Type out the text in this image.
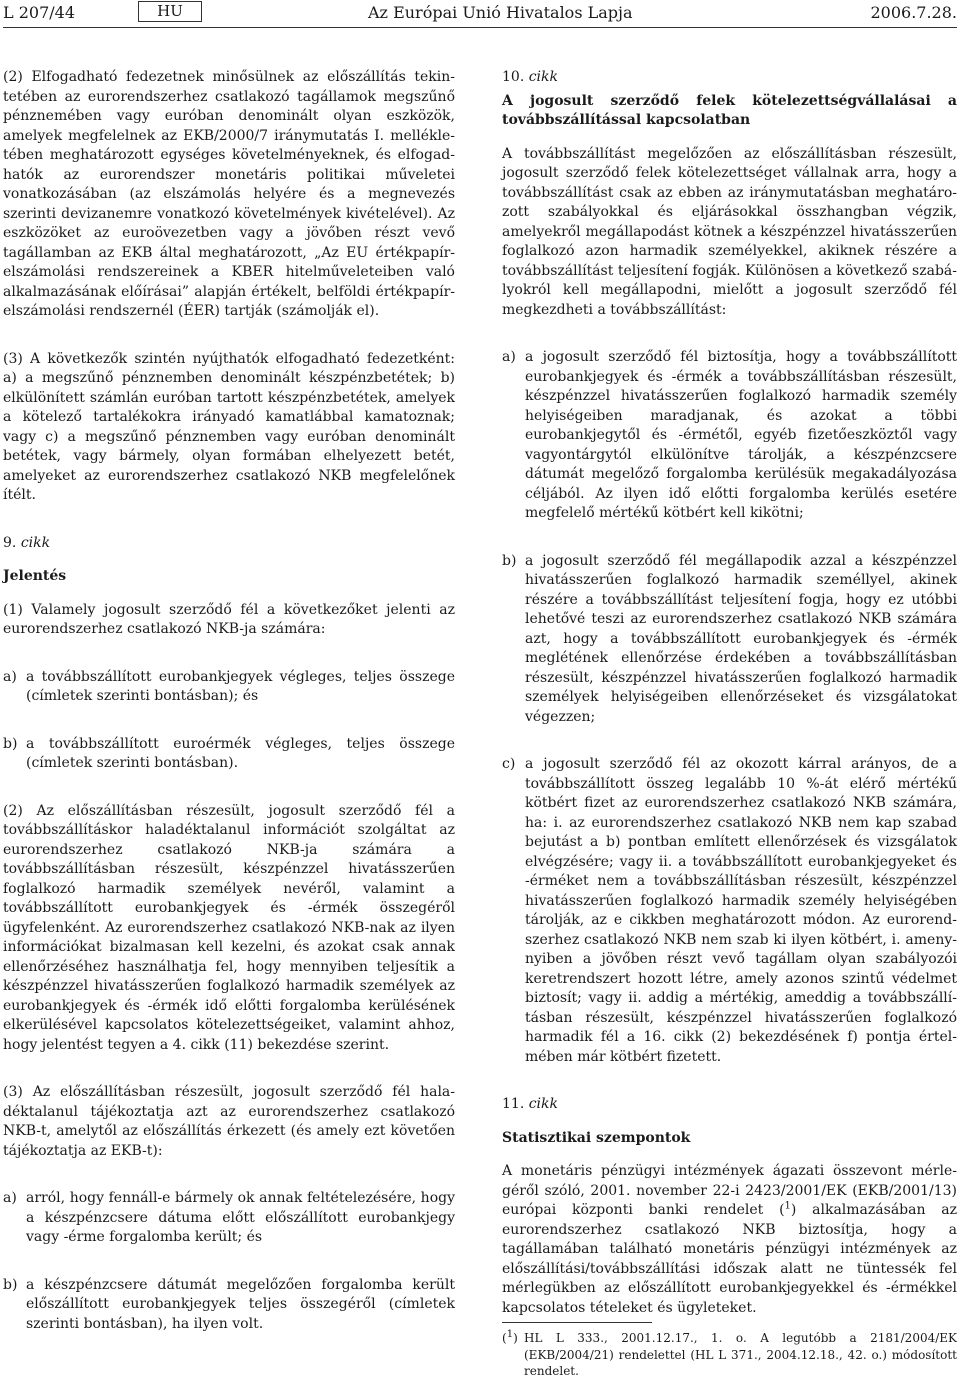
L 207/44	HU	Az Európai Unió Hivatalos Lapja	2006.7.28.

(2) Elfogadható fedezetnek minősülnek az előszállítás tekintetében az eurorendszerhez csatlakozó tagállamok megszűnő pénznemében vagy euróban denominált olyan eszközök, amelyek megfelelnek az EKB/2000/7 iránymutatás I. mellékletében meghatározott egységes követelményeknek, és elfogadhatók az eurorendszer monetáris politikai műveletei vonatkozásában (az elszámolás helyére és a megnevezés szerinti devizanemre vonatkozó követelmények kivételével). Az eszközöket az euroövezetben vagy a jövőben részt vevő tagállamban az EKB által meghatározott, „Az EU értékpapír-elszámolási rendszereinek a KBER hitelműveleteiben való alkalmazásának előírásai” alapján értékelt, belföldi értékpapír-elszámolási rendszernél (ÉER) tartják (számolják el).

(3) A következők szintén nyújthatók elfogadható fedezetként: a) a megszűnő pénznemben denominált készpénzbetétek; b) elkülönített számlán euróban tartott készpénzbetétek, amelyek a kötelező tartalékokra irányadó kamatlábbal kamatoznak; vagy c) a megszűnő pénznemben vagy euróban denominált betétek, vagy bármely, olyan formában elhelyezett betét, amelyeket az eurorendszerhez csatlakozó NKB megfelelőnek ítélt.

9. cikk

Jelentés

(1) Valamely jogosult szerződő fél a következőket jelenti az eurorendszerhez csatlakozó NKB-ja számára:

a) a továbbszállított eurobankjegyek végleges, teljes összege (címletek szerinti bontásban); és
b) a továbbszállított euroérmék végleges, teljes összege (címletek szerinti bontásban).

(2) Az előszállításban részesült, jogosult szerződő fél a továbbszállításkor haladéktalanul információt szolgáltat az eurorendszerhez csatlakozó NKB-ja számára a továbbszállításban részesült, készpénzzel hivatásszerűen foglalkozó harmadik személyek nevéről, valamint a továbbszállított eurobankjegyek és -érmék összegéről ügyfelenként. Az eurorendszerhez csatlakozó NKB-nak az ilyen információkat bizalmasan kell kezelni, és azokat csak annak ellenőrzéséhez használhatja fel, hogy mennyiben teljesítik a készpénzzel hivatásszerűen foglalkozó harmadik személyek az eurobankjegyek és -érmék idő előtti forgalomba kerülésének elkerülésével kapcsolatos kötelezettségeiket, valamint ahhoz, hogy jelentést tegyen a 4. cikk (11) bekezdése szerint.

(3) Az előszállításban részesült, jogosult szerződő fél haladéktalanul tájékoztatja azt az eurorendszerhez csatlakozó NKB-t, amelytől az előszállítás érkezett (és amely ezt követően tájékoztatja az EKB-t):

a) arról, hogy fennáll-e bármely ok annak feltételezésére, hogy a készpénzcsere dátuma előtt előszállított eurobankjegy vagy -érme forgalomba került; és
b) a készpénzcsere dátumát megelőzően forgalomba került előszállított eurobankjegyek teljes összegéről (címletek szerinti bontásban), ha ilyen volt.

10. cikk

A jogosult szerződő felek kötelezettségvállalásai a továbbszállítással kapcsolatban

A továbbszállítást megelőzően az előszállításban részesült, jogosult szerződő felek kötelezettséget vállalnak arra, hogy a továbbszállítást csak az ebben az iránymutatásban meghatározott szabályokkal és eljárásokkal összhangban végzik, amelyekről megállapodást kötnek a készpénzzel hivatásszerűen foglalkozó azon harmadik személyekkel, akiknek részére a továbbszállítást teljesítení fogják. Különösen a következő szabályokról kell megállapodni, mielőtt a jogosult szerződő fél megkezdheti a továbbszállítást:

a) a jogosult szerződő fél biztosítja, hogy a továbbszállított eurobankjegyek és -érmék a továbbszállításban részesült, készpénzzel hivatásszerűen foglalkozó harmadik személy helyiségeiben maradjanak, és azokat a többi eurobankjegytől és -érmétől, egyéb fizetőeszköztől vagy vagyontárgytól elkülönítve tárolják, a készpénzcsere dátumát megelőző forgalomba kerülésük megakadályozása céljából. Az ilyen idő előtti forgalomba kerülés esetére megfelelő mértékű kötbért kell kikötni;
b) a jogosult szerződő fél megállapodik azzal a készpénzzel hivatásszerűen foglalkozó harmadik személlyel, akinek részére a továbbszállítást teljesítení fogja, hogy ez utóbbi lehetővé teszi az eurorendszerhez csatlakozó NKB számára azt, hogy a továbbszállított eurobankjegyek és -érmék meglétének ellenőrzése érdekében a továbbszállításban részesült, készpénzzel hivatásszerűen foglalkozó harmadik személyek helyiségeiben ellenőrzéseket és vizsgálatokat végezzen;
c) a jogosult szerződő fél az okozott kárral arányos, de a továbbszállított összeg legalább 10 %-át elérő mértékű kötbért fizet az eurorendszerhez csatlakozó NKB számára, ha: i. az eurorendszerhez csatlakozó NKB nem kap szabad bejutást a b) pontban említett ellenőrzések és vizsgálatok elvégzésére; vagy ii. a továbbszállított eurobankjegyeket és -érméket nem a továbbszállításban részesült, készpénzzel hivatásszerűen foglalkozó harmadik személy helyiségében tárolják, az e cikkben meghatározott módon. Az eurorendszerhez csatlakozó NKB nem szab ki ilyen kötbért, i. amenynyiben a jövőben részt vevő tagállam olyan szabályozói keretrendszert hozott létre, amely azonos szintű védelmet biztosít; vagy ii. addig a mértékig, ameddig a továbbszállításban részesült, készpénzzel hivatásszerűen foglalkozó harmadik fél a 16. cikk (2) bekezdésének f) pontja értelmében már kötbért fizetett.

11. cikk

Statisztikai szempontok

A monetáris pénzügyi intézmények ágazati összevont mérlegéről szóló, 2001. november 22-i 2423/2001/EK (EKB/2001/13) európai központi banki rendelet ($^1$) alkalmazásában az eurorendszerhez csatlakozó NKB biztosítja, hogy a tagállamában található monetáris pénzügyi intézmények az előszállítási/továbbszállítási időszak alatt ne tüntessék fel mérlegükben az előszállított eurobankjegyekkel és -érmékkel kapcsolatos tételeket és ügyleteket.

($^1$) HL L 333., 2001.12.17., 1. o. A legutóbb a 2181/2004/EK (EKB/2004/21) rendelettel (HL L 371., 2004.12.18., 42. o.) módosított rendelet.
